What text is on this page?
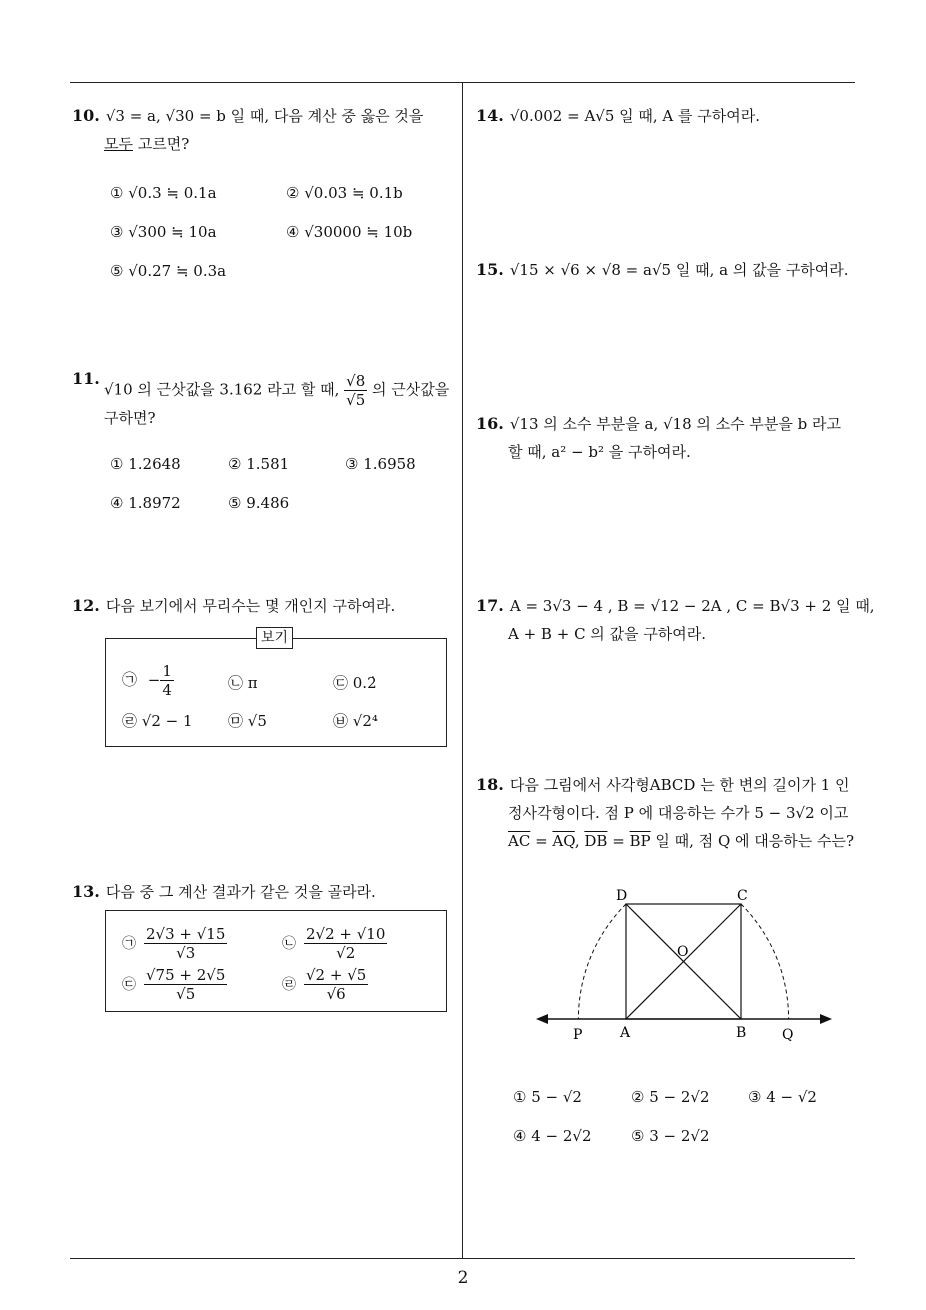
10. √3 = a, √30 = b 일 때, 다음 계산 중 옳은 것을
모두 고르면?
① √0.3 ≒ 0.1a	② √0.03 ≒ 0.1b
③ √300 ≒ 10a	④ √30000 ≒ 10b
⑤ √0.27 ≒ 0.3a
11.
√10 의 근삿값을 3.162 라고 할 때, $\frac{√8}{√5}$ 의 근삿값을
구하면?
① 1.2648	② 1.581	③ 1.6958
④ 1.8972	⑤ 9.486
12. 다음 보기에서 무리수는 몇 개인지 구하여라.
보기
㉠ − $\frac{1}{4}$	㉡ π	㉢ 0.2̇
㉣ √2 − 1 ㉤ √5	㉥ √2⁴
13. 다음 중 그 계산 결과가 같은 것을 골라라.
㉠ $\frac{2√3 + √15}{√3}$	㉡ $\frac{2√2 + √10}{√2}$
㉢ $\frac{√75 + 2√5}{√5}$	㉣ $\frac{√2 + √5}{√6}$
14. √0.002 = A√5 일 때, A 를 구하여라.
15. √15 × √6 × √8 = a√5 일 때, a 의 값을 구하여라.
16. √13 의 소수 부분을 a, √18 의 소수 부분을 b 라고
할 때, a² − b² 을 구하여라.
17. A = 3√3 − 4 , B = √12 − 2A , C = B√3 + 2 일 때,
A + B + C 의 값을 구하여라.
18. 다음 그림에서 사각형ABCD 는 한 변의 길이가 1 인
정사각형이다. 점 P 에 대응하는 수가 5 − 3√2 이고
$\overline{AC} = \overline{AQ}$, $\overline{DB} = \overline{BP}$ 일 때, 점 Q 에 대응하는 수는?
D	C
O
P	A	B	Q
① 5 − √2	② 5 − 2√2	③ 4 − √2
④ 4 − 2√2	⑤ 3 − 2√2
2
